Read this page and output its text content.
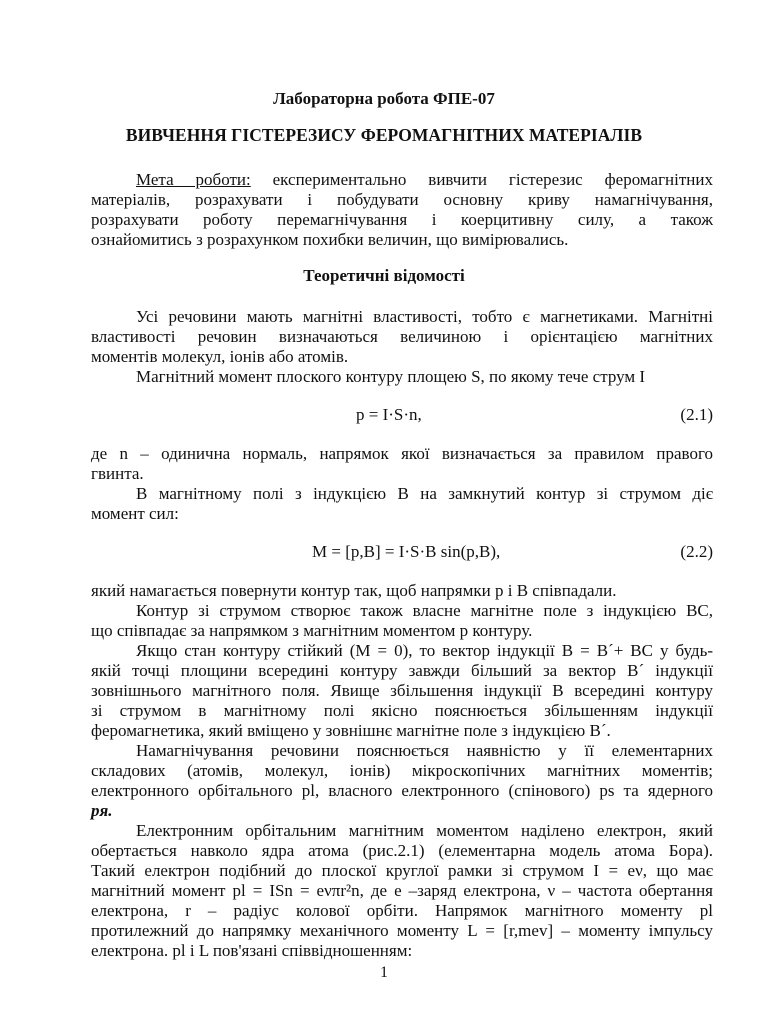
Лабораторна робота ФПЕ-07
ВИВЧЕННЯ ГІСТЕРЕЗИСУ ФЕРОМАГНІТНИХ МАТЕРІАЛІВ
Мета роботи: експериментально вивчити гістерезис феромагнітних
матеріалів, розрахувати і побудувати основну криву намагнічування,
розрахувати роботу перемагнічування і коерцитивну силу, а також
ознайомитись з розрахунком похибки величин, що вимірювались.
Теоретичні відомості
Усі речовини мають магнітні властивості, тобто є магнетиками. Магнітні
властивості речовин визначаються величиною і орієнтацією магнітних
моментів молекул, іонів або атомів.
Магнітний момент плоского контуру площею S, по якому тече струм I
p = I·S·n,	(2.1)
де n – одинична нормаль, напрямок якої визначається за правилом правого
гвинта.
В магнітному полі з індукцією B на замкнутий контур зі струмом діє
момент сил:
M = [p,B] = I·S·B sin(p,B),	(2.2)
який намагається повернути контур так, щоб напрямки p і B співпадали.
Контур зі струмом створює також власне магнітне поле з індукцією BC,
що співпадає за напрямком з магнітним моментом p контуру.
Якщо стан контуру стійкий (M = 0), то вектор індукції B = B´+ BC у будь-
якій точці площини всередині контуру завжди більший за вектор B´ індукції
зовнішнього магнітного поля. Явище збільшення індукції B всередині контуру
зі струмом в магнітному полі якісно пояснюється збільшенням індукції
феромагнетика, який вміщено у зовнішнє магнітне поле з індукцією B´.
Намагнічування речовини пояснюється наявністю у її елементарних
складових (атомів, молекул, іонів) мікроскопічних магнітних моментів;
електронного орбітального pl, власного електронного (спінового) ps та ядерного
pя.
Електронним орбітальним магнітним моментом наділено електрон, який
обертається навколо ядра атома (рис.2.1) (елементарна модель атома Бора).
Такий електрон подібний до плоскої круглої рамки зі струмом I = eν, що має
магнітний момент pl = ISn = eνπr²n, де e –заряд електрона, ν – частота обертання
електрона, r – радіус колової орбіти. Напрямок магнітного моменту pl
протилежний до напрямку механічного моменту L = [r,mev] – моменту імпульсу
електрона. pl і L пов'язані співвідношенням:
1
